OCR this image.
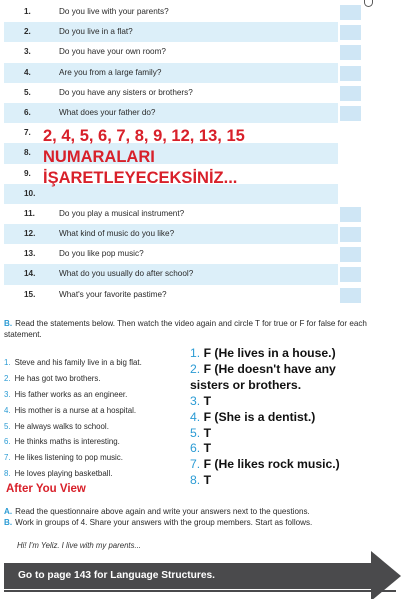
1.	Do you live with your parents?
2.	Do you live in a flat?
3.	Do you have your own room?
4.	Are you from a large family?
5.	Do you have any sisters or brothers?
6.	What does your father do?
7.
8.
9.
10.
11.	Do you play a musical instrument?
12.	What kind of music do you like?
13.	Do you like pop music?
14.	What do you usually do after school?
15.	What's your favorite pastime?
2, 4, 5, 6, 7, 8, 9, 12, 13, 15
NUMARALARI
İŞARETLEYECEKSİNİZ...
B. Read the statements below. Then watch the video again and circle T for true or F for false for each statement.
1. Steve and his family live in a big flat.
2. He has got two brothers.
3. His father works as an engineer.
4. His mother is a nurse at a hospital.
5. He always walks to school.
6. He thinks maths is interesting.
7. He likes listening to pop music.
8. He loves playing basketball.
1. F (He lives in a house.)
2. F (He doesn't have any
sisters or brothers.
3. T
4. F (She is a dentist.)
5. T
6. T
7. F (He likes rock music.)
8. T
After You View
A. Read the questionnaire above again and write your answers next to the questions.
B. Work in groups of 4. Share your answers with the group members. Start as follows.
Hi! I'm Yeliz. I live with my parents...
Go to page 143 for Language Structures.
